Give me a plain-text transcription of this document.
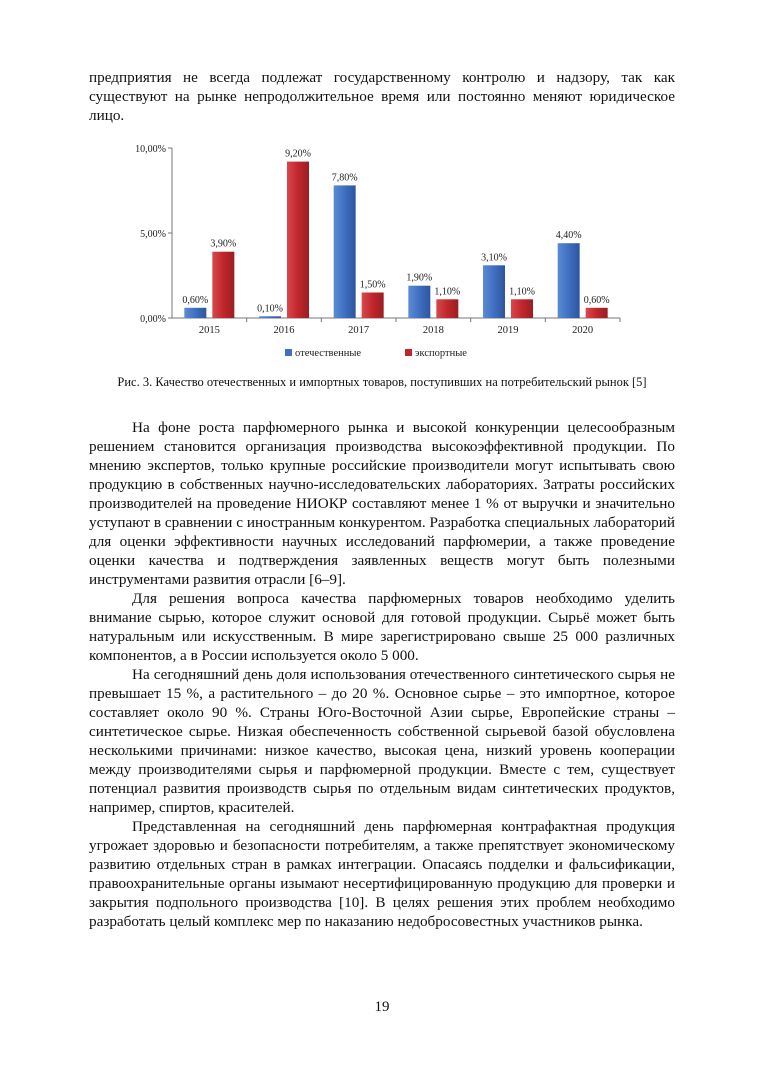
предприятия не всегда подлежат государственному контролю и надзору, так как существуют на рынке непродолжительное время или постоянно меняют юридическое лицо.

0,00%
5,00%
10,00%
2015
0,60%
3,90%
2016
0,10%
9,20%
2017
7,80%
1,50%
2018
1,90%
1,10%
2019
3,10%
1,10%
2020
4,40%
0,60%
отечественные	экспортные
Рис. 3. Качество отечественных и импортных товаров, поступивших на потребительский рынок [5]

На фоне роста парфюмерного рынка и высокой конкуренции целесообразным решением становится организация производства высокоэффективной продукции. По мнению экспертов, только крупные российские производители могут испытывать свою продукцию в собственных научно-исследовательских лабораториях. Затраты российских производителей на проведение НИОКР составляют менее 1 % от выручки и значительно уступают в сравнении с иностранным конкурентом. Разработка специальных лабораторий для оценки эффективности научных исследований парфюмерии, а также проведение оценки качества и подтверждения заявленных веществ могут быть полезными инструментами развития отрасли [6–9].

Для решения вопроса качества парфюмерных товаров необходимо уделить внимание сырью, которое служит основой для готовой продукции. Сырьё может быть натуральным или искусственным. В мире зарегистрировано свыше 25 000 различных компонентов, а в России используется около 5 000.

На сегодняшний день доля использования отечественного синтетического сырья не превышает 15 %, а растительного – до 20 %. Основное сырье – это импортное, которое составляет около 90 %. Страны Юго-Восточной Азии сырье, Европейские страны – синтетическое сырье. Низкая обеспеченность собственной сырьевой базой обусловлена несколькими причинами: низкое качество, высокая цена, низкий уровень кооперации между производителями сырья и парфюмерной продукции. Вместе с тем, существует потенциал развития производств сырья по отдельным видам синтетических продуктов, например, спиртов, красителей.

Представленная на сегодняшний день парфюмерная контрафактная продукция угрожает здоровью и безопасности потребителям, а также препятствует экономическому развитию отдельных стран в рамках интеграции. Опасаясь подделки и фальсификации, правоохранительные органы изымают несертифицированную продукцию для проверки и закрытия подпольного производства [10]. В целях решения этих проблем необходимо разработать целый комплекс мер по наказанию недобросовестных участников рынка.

19
